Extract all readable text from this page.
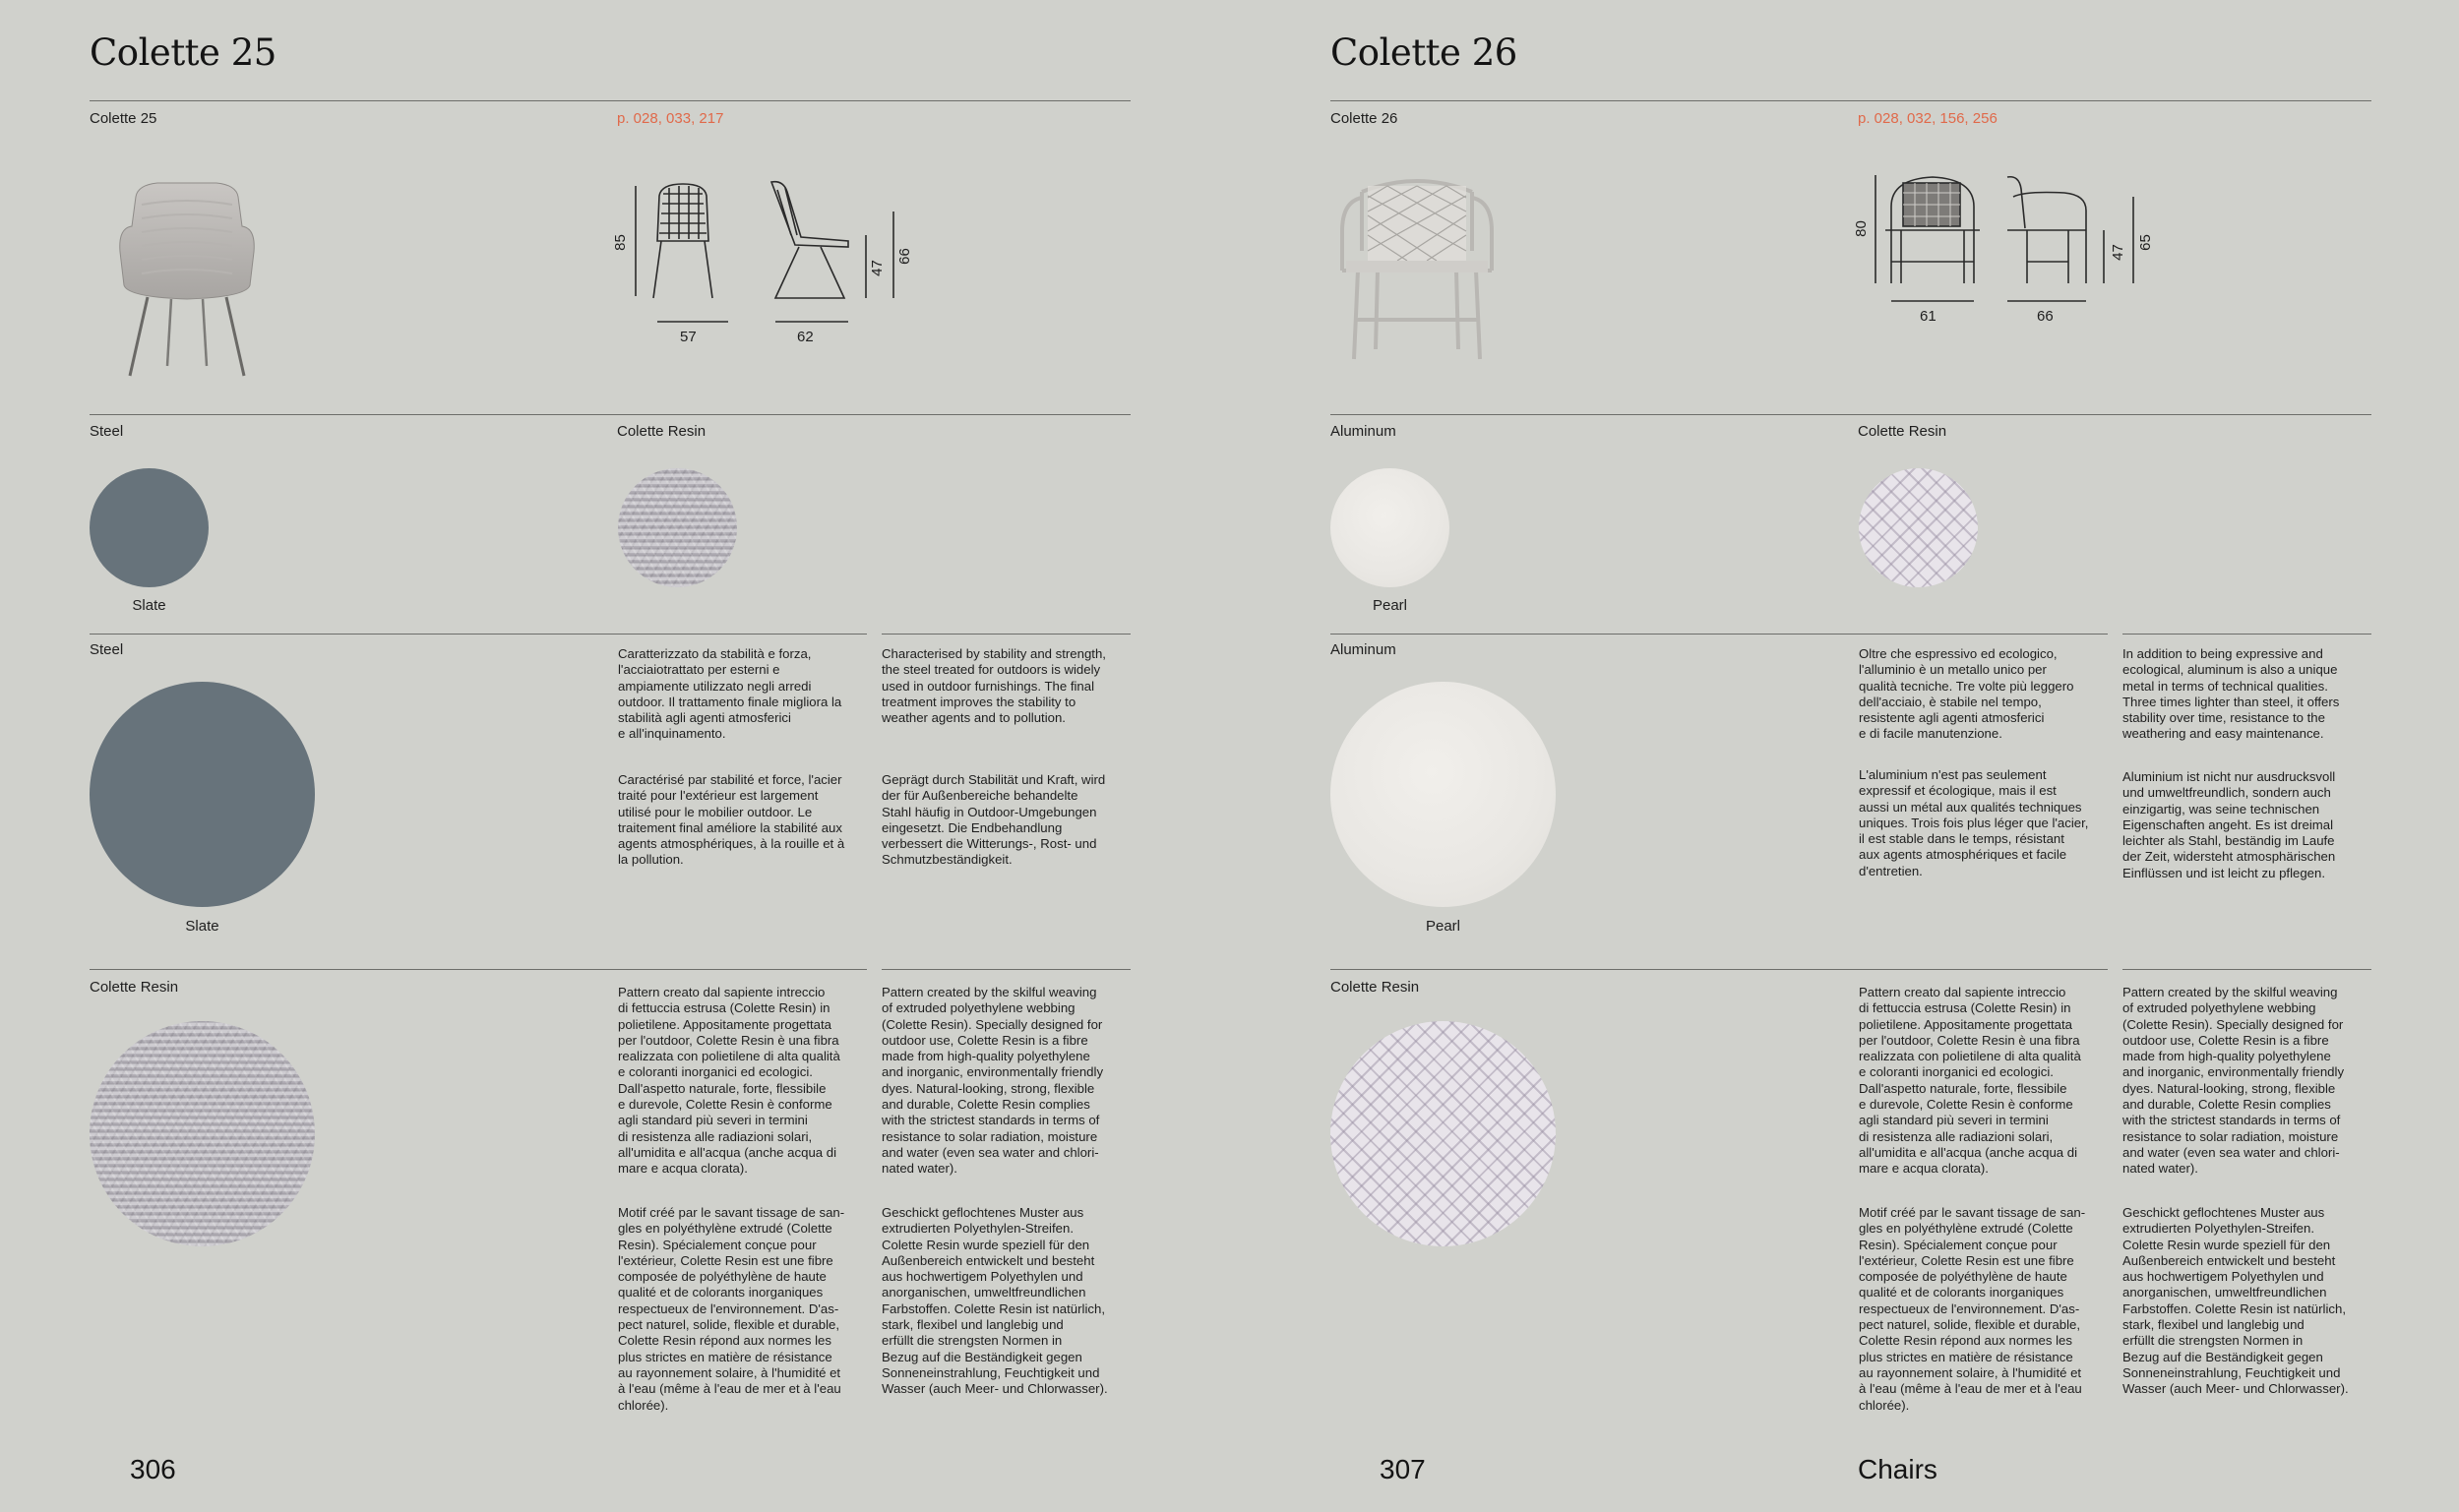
Colette 25
Colette 25	p. 028, 033, 217
85
47
66
57	62
Steel	Colette Resin
Slate
Steel
Slate

Caratterizzato da stabilità e forza,
l'acciaiotrattato per esterni e
ampiamente utilizzato negli arredi
outdoor. Il trattamento finale migliora la
stabilità agli agenti atmosferici
e all'inquinamento.

Characterised by stability and strength,
the steel treated for outdoors is widely
used in outdoor furnishings. The final
treatment improves the stability to
weather agents and to pollution.

Caractérisé par stabilité et force, l'acier
traité pour l'extérieur est largement
utilisé pour le mobilier outdoor. Le
traitement final améliore la stabilité aux
agents atmosphériques, à la rouille et à
la pollution.

Geprägt durch Stabilität und Kraft, wird
der für Außenbereiche behandelte
Stahl häufig in Outdoor-Umgebungen
eingesetzt. Die Endbehandlung
verbessert die Witterungs-, Rost- und
Schmutzbeständigkeit.

Colette Resin	Pattern creato dal sapiente intreccio
di fettuccia estrusa (Colette Resin) in
polietilene. Appositamente progettata
per l'outdoor, Colette Resin è una fibra
realizzata con polietilene di alta qualità
e coloranti inorganici ed ecologici.
Dall'aspetto naturale, forte, flessibile
e durevole, Colette Resin è conforme
agli standard più severi in termini
di resistenza alle radiazioni solari,
all'umidita e all'acqua (anche acqua di
mare e acqua clorata).

Pattern created by the skilful weaving
of extruded polyethylene webbing
(Colette Resin). Specially designed for
outdoor use, Colette Resin is a fibre
made from high-quality polyethylene
and inorganic, environmentally friendly
dyes. Natural-looking, strong, flexible
and durable, Colette Resin complies
with the strictest standards in terms of
resistance to solar radiation, moisture
and water (even sea water and chlori-
nated water).

Motif créé par le savant tissage de san-
gles en polyéthylène extrudé (Colette
Resin). Spécialement conçue pour
l'extérieur, Colette Resin est une fibre
composée de polyéthylène de haute
qualité et de colorants inorganiques
respectueux de l'environnement. D'as-
pect naturel, solide, flexible et durable,
Colette Resin répond aux normes les
plus strictes en matière de résistance
au rayonnement solaire, à l'humidité et
à l'eau (même à l'eau de mer et à l'eau
chlorée).

Geschickt geflochtenes Muster aus
extrudierten Polyethylen-Streifen.
Colette Resin wurde speziell für den
Außenbereich entwickelt und besteht
aus hochwertigem Polyethylen und
anorganischen, umweltfreundlichen
Farbstoffen. Colette Resin ist natürlich,
stark, flexibel und langlebig und
erfüllt die strengsten Normen in
Bezug auf die Beständigkeit gegen
Sonneneinstrahlung, Feuchtigkeit und
Wasser (auch Meer- und Chlorwasser).

306
Colette 26
Colette 26	p. 028, 032, 156, 256
80
47
65
61	66
Aluminum	Colette Resin
Pearl
Aluminum
Pearl

Oltre che espressivo ed ecologico,
l'alluminio è un metallo unico per
qualità tecniche. Tre volte più leggero
dell'acciaio, è stabile nel tempo,
resistente agli agenti atmosferici
e di facile manutenzione.

In addition to being expressive and
ecological, aluminum is also a unique
metal in terms of technical qualities.
Three times lighter than steel, it offers
stability over time, resistance to the
weathering and easy maintenance.

L'aluminium n'est pas seulement
expressif et écologique, mais il est
aussi un métal aux qualités techniques
uniques. Trois fois plus léger que l'acier,
il est stable dans le temps, résistant
aux agents atmosphériques et facile
d'entretien.

Aluminium ist nicht nur ausdrucksvoll
und umweltfreundlich, sondern auch
einzigartig, was seine technischen
Eigenschaften angeht. Es ist dreimal
leichter als Stahl, beständig im Laufe
der Zeit, widersteht atmosphärischen
Einflüssen und ist leicht zu pflegen.

Colette Resin	Pattern creato dal sapiente intreccio
di fettuccia estrusa (Colette Resin) in
polietilene. Appositamente progettata
per l'outdoor, Colette Resin è una fibra
realizzata con polietilene di alta qualità
e coloranti inorganici ed ecologici.
Dall'aspetto naturale, forte, flessibile
e durevole, Colette Resin è conforme
agli standard più severi in termini
di resistenza alle radiazioni solari,
all'umidita e all'acqua (anche acqua di
mare e acqua clorata).

Pattern created by the skilful weaving
of extruded polyethylene webbing
(Colette Resin). Specially designed for
outdoor use, Colette Resin is a fibre
made from high-quality polyethylene
and inorganic, environmentally friendly
dyes. Natural-looking, strong, flexible
and durable, Colette Resin complies
with the strictest standards in terms of
resistance to solar radiation, moisture
and water (even sea water and chlori-
nated water).

Motif créé par le savant tissage de san-
gles en polyéthylène extrudé (Colette
Resin). Spécialement conçue pour
l'extérieur, Colette Resin est une fibre
composée de polyéthylène de haute
qualité et de colorants inorganiques
respectueux de l'environnement. D'as-
pect naturel, solide, flexible et durable,
Colette Resin répond aux normes les
plus strictes en matière de résistance
au rayonnement solaire, à l'humidité et
à l'eau (même à l'eau de mer et à l'eau
chlorée).

Geschickt geflochtenes Muster aus
extrudierten Polyethylen-Streifen.
Colette Resin wurde speziell für den
Außenbereich entwickelt und besteht
aus hochwertigem Polyethylen und
anorganischen, umweltfreundlichen
Farbstoffen. Colette Resin ist natürlich,
stark, flexibel und langlebig und
erfüllt die strengsten Normen in
Bezug auf die Beständigkeit gegen
Sonneneinstrahlung, Feuchtigkeit und
Wasser (auch Meer- und Chlorwasser).

307	Chairs
